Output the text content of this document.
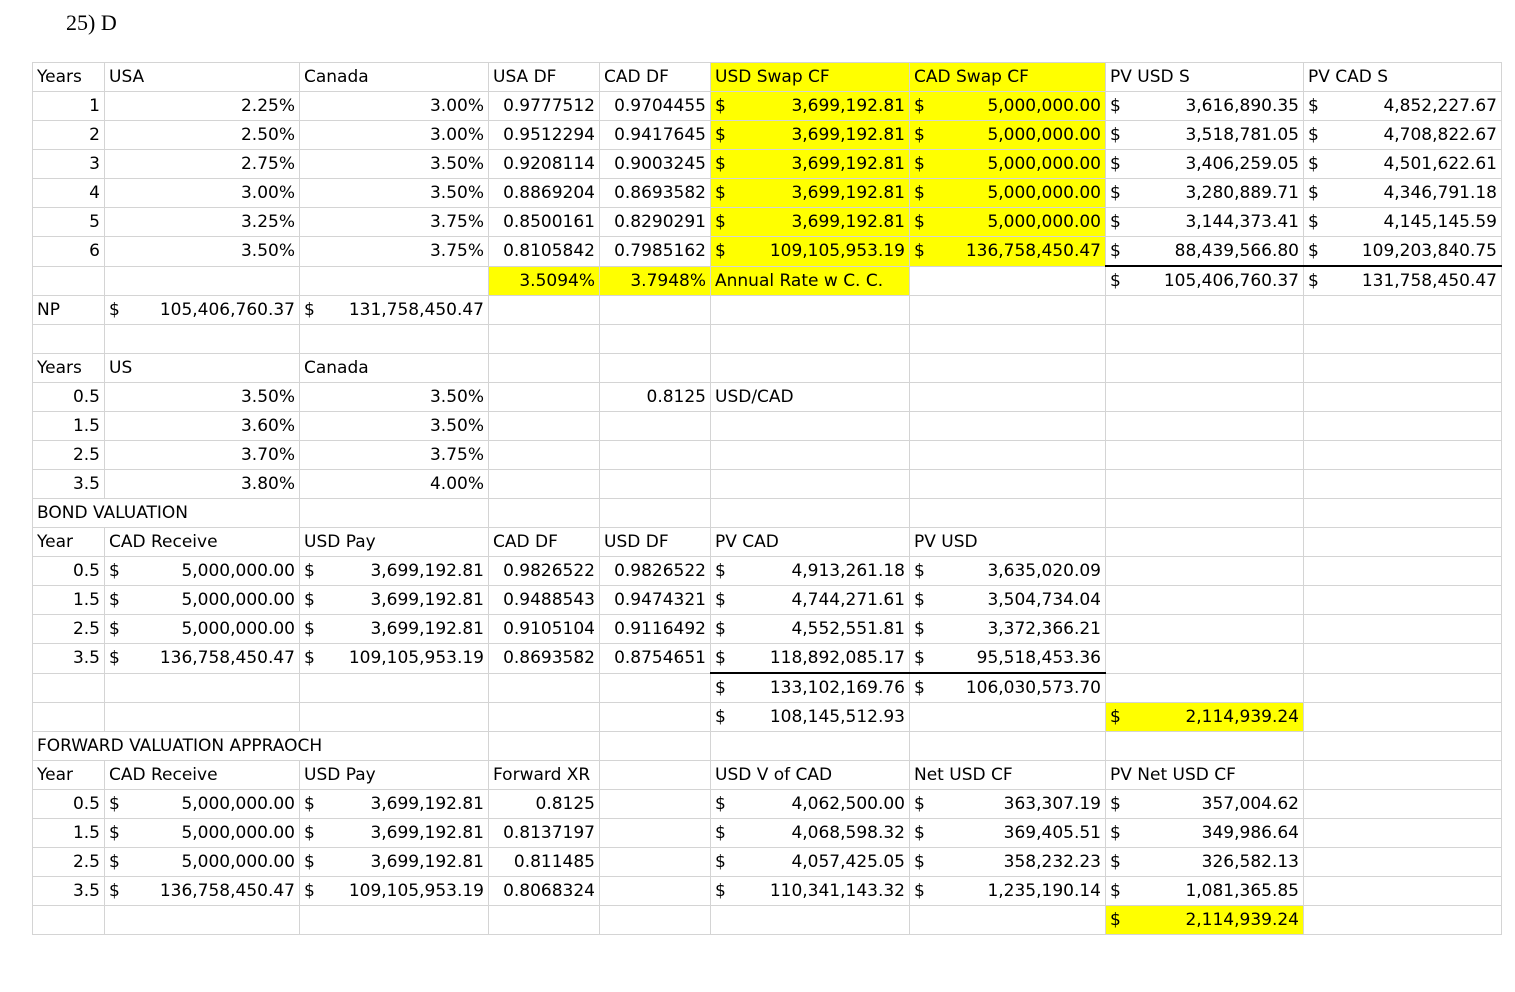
25) D
Years	USA	Canada	USA DF	CAD DF	USD Swap CF	CAD Swap CF	PV USD S	PV CAD S
1	2.25%	3.00%	0.9777512	0.9704455	$ 3,699,192.81	$ 5,000,000.00	$ 3,616,890.35	$ 4,852,227.67
2	2.50%	3.00%	0.9512294	0.9417645	$ 3,699,192.81	$ 5,000,000.00	$ 3,518,781.05	$ 4,708,822.67
3	2.75%	3.50%	0.9208114	0.9003245	$ 3,699,192.81	$ 5,000,000.00	$ 3,406,259.05	$ 4,501,622.61
4	3.00%	3.50%	0.8869204	0.8693582	$ 3,699,192.81	$ 5,000,000.00	$ 3,280,889.71	$ 4,346,791.18
5	3.25%	3.75%	0.8500161	0.8290291	$ 3,699,192.81	$ 5,000,000.00	$ 3,144,373.41	$ 4,145,145.59
6	3.50%	3.75%	0.8105842	0.7985162	$ 109,105,953.19	$ 136,758,450.47	$ 88,439,566.80	$ 109,203,840.75
			3.5094%	3.7948%	Annual Rate w C. C.		$ 105,406,760.37	$ 131,758,450.47
NP	$ 105,406,760.37	$ 131,758,450.47						

Years	US	Canada						
0.5	3.50%	3.50%		0.8125	USD/CAD			
1.5	3.60%	3.50%						
2.5	3.70%	3.75%						
3.5	3.80%	4.00%						
BOND VALUATION								
Year	CAD Receive	USD Pay	CAD DF	USD DF	PV CAD	PV USD		
0.5	$ 5,000,000.00	$ 3,699,192.81	0.9826522	0.9826522	$ 4,913,261.18	$ 3,635,020.09		
1.5	$ 5,000,000.00	$ 3,699,192.81	0.9488543	0.9474321	$ 4,744,271.61	$ 3,504,734.04		
2.5	$ 5,000,000.00	$ 3,699,192.81	0.9105104	0.9116492	$ 4,552,551.81	$ 3,372,366.21		
3.5	$ 136,758,450.47	$ 109,105,953.19	0.8693582	0.8754651	$ 118,892,085.17	$ 95,518,453.36		

					$ 133,102,169.76	$ 106,030,573.70		

					$ 108,145,512.93		$ 2,114,939.24	
FORWARD VALUATION APPRAOCH								
Year	CAD Receive	USD Pay	Forward XR		USD V of CAD	Net USD CF	PV Net USD CF	
0.5	$ 5,000,000.00	$ 3,699,192.81	0.8125		$ 4,062,500.00	$ 363,307.19	$ 357,004.62	
1.5	$ 5,000,000.00	$ 3,699,192.81	0.8137197		$ 4,068,598.32	$ 369,405.51	$ 349,986.64	
2.5	$ 5,000,000.00	$ 3,699,192.81	0.811485		$ 4,057,425.05	$ 358,232.23	$ 326,582.13	
3.5	$ 136,758,450.47	$ 109,105,953.19	0.8068324		$ 110,341,143.32	$ 1,235,190.14	$ 1,081,365.85	

							$ 2,114,939.24	
